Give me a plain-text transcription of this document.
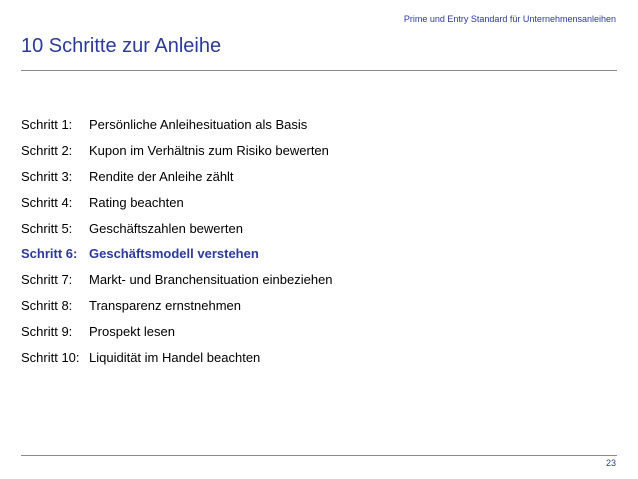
Prime und Entry Standard für Unternehmensanleihen
10 Schritte zur Anleihe
Schritt 1:	Persönliche Anleihesituation als Basis
Schritt 2:	Kupon im Verhältnis zum Risiko bewerten
Schritt 3:	Rendite der Anleihe zählt
Schritt 4:	Rating beachten
Schritt 5:	Geschäftszahlen bewerten
Schritt 6: Geschäftsmodell verstehen
Schritt 7:	Markt- und Branchensituation einbeziehen
Schritt 8:	Transparenz ernstnehmen
Schritt 9:	Prospekt lesen
Schritt 10: Liquidität im Handel beachten
23
